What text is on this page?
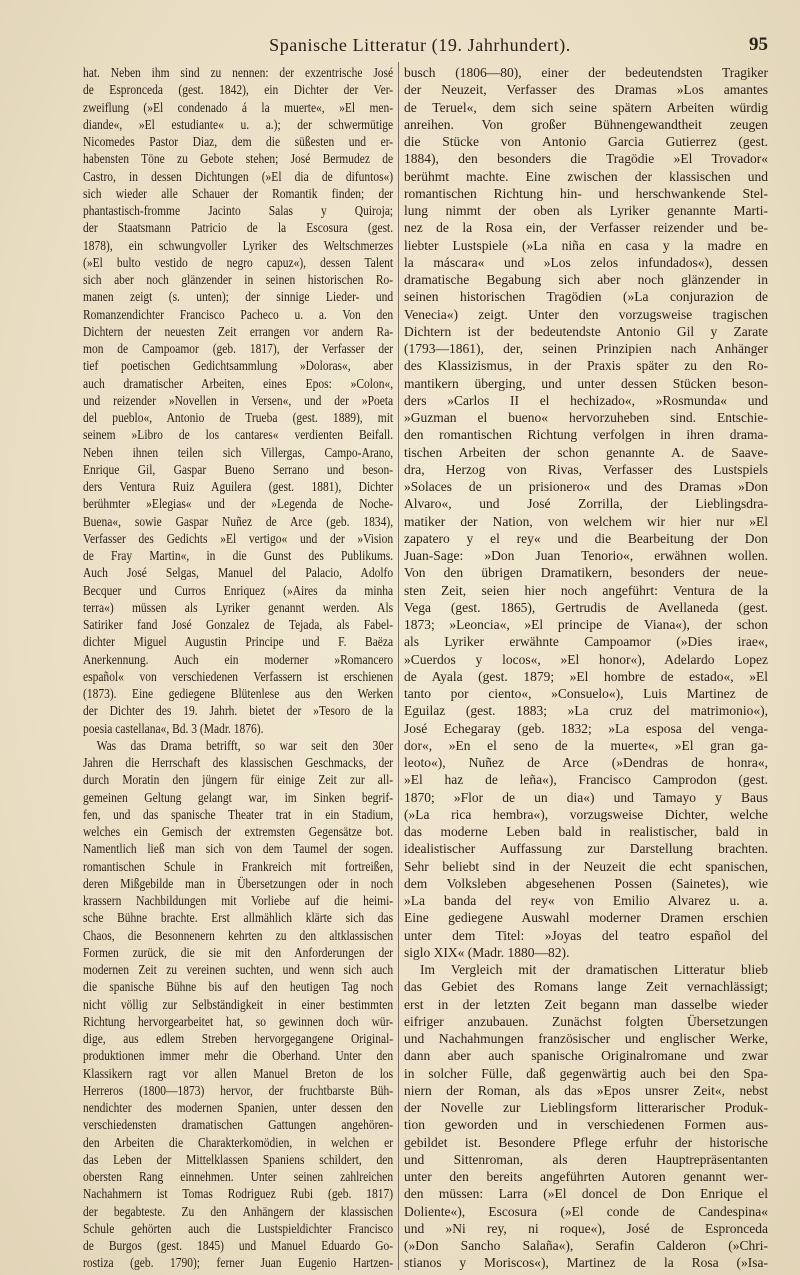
Spanische Litteratur (19. Jahrhundert).	95
hat. Neben ihm sind zu nennen: der exzentrische José
de Espronceda (gest. 1842), ein Dichter der Ver-
zweiflung (»El condenado á la muerte«, »El men-
diande«, »El estudiante« u. a.); der schwermütige
Nicomedes Pastor Diaz, dem die süßesten und er-
habensten Töne zu Gebote stehen; José Bermudez de
Castro, in dessen Dichtungen (»El dia de difuntos«)
sich wieder alle Schauer der Romantik finden; der
phantastisch-fromme Jacinto Salas y Quiroja;
der Staatsmann Patricio de la Escosura (gest.
1878), ein schwungvoller Lyriker des Weltschmerzes
(»El bulto vestido de negro capuz«), dessen Talent
sich aber noch glänzender in seinen historischen Ro-
manen zeigt (s. unten); der sinnige Lieder- und
Romanzendichter Francisco Pacheco u. a. Von den
Dichtern der neuesten Zeit errangen vor andern Ra-
mon de Campoamor (geb. 1817), der Verfasser der
tief poetischen Gedichtsammlung »Doloras«, aber
auch dramatischer Arbeiten, eines Epos: »Colon«,
und reizender »Novellen in Versen«, und der »Poeta
del pueblo«, Antonio de Trueba (gest. 1889), mit
seinem »Libro de los cantares« verdienten Beifall.
Neben ihnen teilen sich Villergas, Campo-Arano,
Enrique Gil, Gaspar Bueno Serrano und beson-
ders Ventura Ruiz Aguilera (gest. 1881), Dichter
berühmter »Elegias« und der »Legenda de Noche-
Buena«, sowie Gaspar Nuñez de Arce (geb. 1834),
Verfasser des Gedichts »El vertigo« und der »Vision
de Fray Martin«, in die Gunst des Publikums.
Auch José Selgas, Manuel del Palacio, Adolfo
Becquer und Curros Enriquez (»Aires da minha
terra«) müssen als Lyriker genannt werden. Als
Satiriker fand José Gonzalez de Tejada, als Fabel-
dichter Miguel Augustin Principe und F. Baëza
Anerkennung. Auch ein moderner »Romancero
español« von verschiedenen Verfassern ist erschienen
(1873). Eine gediegene Blütenlese aus den Werken
der Dichter des 19. Jahrh. bietet der »Tesoro de la
poesia castellana«, Bd. 3 (Madr. 1876).
Was das Drama betrifft, so war seit den 30er
Jahren die Herrschaft des klassischen Geschmacks, der
durch Moratin den jüngern für einige Zeit zur all-
gemeinen Geltung gelangt war, im Sinken begrif-
fen, und das spanische Theater trat in ein Stadium,
welches ein Gemisch der extremsten Gegensätze bot.
Namentlich ließ man sich von dem Taumel der sogen.
romantischen Schule in Frankreich mit fortreißen,
deren Mißgebilde man in Übersetzungen oder in noch
krassern Nachbildungen mit Vorliebe auf die heimi-
sche Bühne brachte. Erst allmählich klärte sich das
Chaos, die Besonnenern kehrten zu den altklassischen
Formen zurück, die sie mit den Anforderungen der
modernen Zeit zu vereinen suchten, und wenn sich auch
die spanische Bühne bis auf den heutigen Tag noch
nicht völlig zur Selbständigkeit in einer bestimmten
Richtung hervorgearbeitet hat, so gewinnen doch wür-
dige, aus edlem Streben hervorgegangene Original-
produktionen immer mehr die Oberhand. Unter den
Klassikern ragt vor allen Manuel Breton de los
Herreros (1800—1873) hervor, der fruchtbarste Büh-
nendichter des modernen Spanien, unter dessen den
verschiedensten dramatischen Gattungen angehören-
den Arbeiten die Charakterkomödien, in welchen er
das Leben der Mittelklassen Spaniens schildert, den
obersten Rang einnehmen. Unter seinen zahlreichen
Nachahmern ist Tomas Rodriguez Rubi (geb. 1817)
der begabteste. Zu den Anhängern der klassischen
Schule gehörten auch die Lustspieldichter Francisco
de Burgos (gest. 1845) und Manuel Eduardo Go-
rostiza (geb. 1790); ferner Juan Eugenio Hartzen-
busch (1806—80), einer der bedeutendsten Tragiker
der Neuzeit, Verfasser des Dramas »Los amantes
de Teruel«, dem sich seine spätern Arbeiten würdig
anreihen. Von großer Bühnengewandtheit zeugen
die Stücke von Antonio Garcia Gutierrez (gest.
1884), den besonders die Tragödie »El Trovador«
berühmt machte. Eine zwischen der klassischen und
romantischen Richtung hin- und herschwankende Stel-
lung nimmt der oben als Lyriker genannte Marti-
nez de la Rosa ein, der Verfasser reizender und be-
liebter Lustspiele (»La niña en casa y la madre en
la máscara« und »Los zelos infundados«), dessen
dramatische Begabung sich aber noch glänzender in
seinen historischen Tragödien (»La conjurazion de
Venecia«) zeigt. Unter den vorzugsweise tragischen
Dichtern ist der bedeutendste Antonio Gil y Zarate
(1793—1861), der, seinen Prinzipien nach Anhänger
des Klassizismus, in der Praxis später zu den Ro-
mantikern überging, und unter dessen Stücken beson-
ders »Carlos II el hechizado«, »Rosmunda« und
»Guzman el bueno« hervorzuheben sind. Entschie-
den romantischen Richtung verfolgen in ihren drama-
tischen Arbeiten der schon genannte A. de Saave-
dra, Herzog von Rivas, Verfasser des Lustspiels
»Solaces de un prisionero« und des Dramas »Don
Alvaro«, und José Zorrilla, der Lieblingsdra-
matiker der Nation, von welchem wir hier nur »El
zapatero y el rey« und die Bearbeitung der Don
Juan-Sage: »Don Juan Tenorio«, erwähnen wollen.
Von den übrigen Dramatikern, besonders der neue-
sten Zeit, seien hier noch angeführt: Ventura de la
Vega (gest. 1865), Gertrudis de Avellaneda (gest.
1873; »Leoncia«, »El principe de Viana«), der schon
als Lyriker erwähnte Campoamor (»Dies irae«,
»Cuerdos y locos«, »El honor«), Adelardo Lopez
de Ayala (gest. 1879; »El hombre de estado«, »El
tanto por ciento«, »Consuelo«), Luis Martinez de
Eguilaz (gest. 1883; »La cruz del matrimonio«),
José Echegaray (geb. 1832; »La esposa del venga-
dor«, »En el seno de la muerte«, »El gran ga-
leoto«), Nuñez de Arce (»Dendras de honra«,
»El haz de leña«), Francisco Camprodon (gest.
1870; »Flor de un dia«) und Tamayo y Baus
(»La rica hembra«), vorzugsweise Dichter, welche
das moderne Leben bald in realistischer, bald in
idealistischer Auffassung zur Darstellung brachten.
Sehr beliebt sind in der Neuzeit die echt spanischen,
dem Volksleben abgesehenen Possen (Sainetes), wie
»La banda del rey« von Emilio Alvarez u. a.
Eine gediegene Auswahl moderner Dramen erschien
unter dem Titel: »Joyas del teatro español del
siglo XIX« (Madr. 1880—82).
Im Vergleich mit der dramatischen Litteratur blieb
das Gebiet des Romans lange Zeit vernachlässigt;
erst in der letzten Zeit begann man dasselbe wieder
eifriger anzubauen. Zunächst folgten Übersetzungen
und Nachahmungen französischer und englischer Werke,
dann aber auch spanische Originalromane und zwar
in solcher Fülle, daß gegenwärtig auch bei den Spa-
niern der Roman, als das »Epos unsrer Zeit«, nebst
der Novelle zur Lieblingsform litterarischer Produk-
tion geworden und in verschiedenen Formen aus-
gebildet ist. Besondere Pflege erfuhr der historische
und Sittenroman, als deren Hauptrepräsentanten
unter den bereits angeführten Autoren genannt wer-
den müssen: Larra (»El doncel de Don Enrique el
Doliente«), Escosura (»El conde de Candespina«
und »Ni rey, ni roque«), José de Espronceda
(»Don Sancho Salaña«), Serafin Calderon (»Chri-
stianos y Moriscos«), Martinez de la Rosa (»Isa-
